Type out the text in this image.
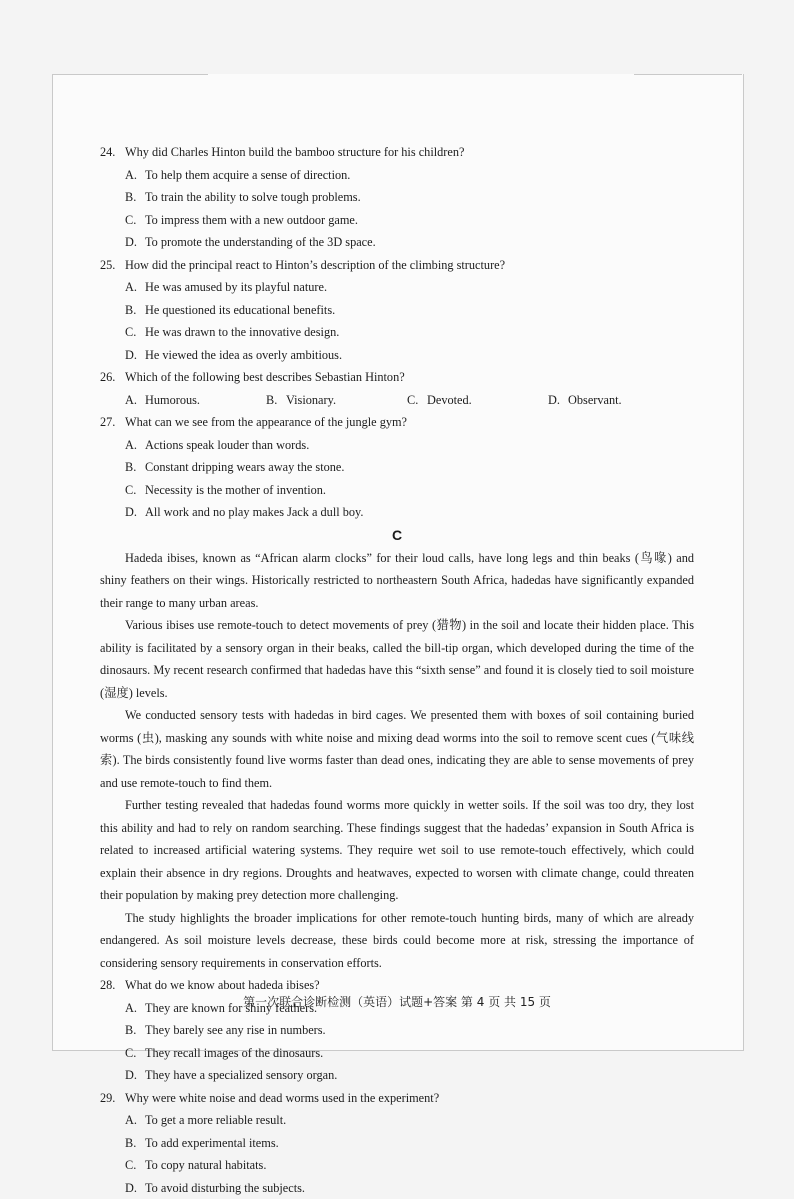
24. Why did Charles Hinton build the bamboo structure for his children?
A. To help them acquire a sense of direction.
B. To train the ability to solve tough problems.
C. To impress them with a new outdoor game.
D. To promote the understanding of the 3D space.
25. How did the principal react to Hinton’s description of the climbing structure?
A. He was amused by its playful nature.
B. He questioned its educational benefits.
C. He was drawn to the innovative design.
D. He viewed the idea as overly ambitious.
26. Which of the following best describes Sebastian Hinton?
A. Humorous.	B. Visionary.	C. Devoted.	D. Observant.
27. What can we see from the appearance of the jungle gym?
A. Actions speak louder than words.
B. Constant dripping wears away the stone.
C. Necessity is the mother of invention.
D. All work and no play makes Jack a dull boy.
C
Hadeda ibises, known as “African alarm clocks” for their loud calls, have long legs and thin beaks (鸟喙) and shiny feathers on their wings. Historically restricted to northeastern South Africa, hadedas have significantly expanded their range to many urban areas.
Various ibises use remote-touch to detect movements of prey (猎物) in the soil and locate their hidden place. This ability is facilitated by a sensory organ in their beaks, called the bill-tip organ, which developed during the time of the dinosaurs. My recent research confirmed that hadedas have this “sixth sense” and found it is closely tied to soil moisture (湿度) levels.
We conducted sensory tests with hadedas in bird cages. We presented them with boxes of soil containing buried worms (虫), masking any sounds with white noise and mixing dead worms into the soil to remove scent cues (气味线索). The birds consistently found live worms faster than dead ones, indicating they are able to sense movements of prey and use remote-touch to find them.
Further testing revealed that hadedas found worms more quickly in wetter soils. If the soil was too dry, they lost this ability and had to rely on random searching. These findings suggest that the hadedas’ expansion in South Africa is related to increased artificial watering systems. They require wet soil to use remote-touch effectively, which could explain their absence in dry regions. Droughts and heatwaves, expected to worsen with climate change, could threaten their population by making prey detection more challenging.
The study highlights the broader implications for other remote-touch hunting birds, many of which are already endangered. As soil moisture levels decrease, these birds could become more at risk, stressing the importance of considering sensory requirements in conservation efforts.
28. What do we know about hadeda ibises?
A. They are known for shiny feathers.
B. They barely see any rise in numbers.
C. They recall images of the dinosaurs.
D. They have a specialized sensory organ.
29. Why were white noise and dead worms used in the experiment?
A. To get a more reliable result.
B. To add experimental items.
C. To copy natural habitats.
D. To avoid disturbing the subjects.
第一次联合诊断检测（英语）试题+答案 第 4 页 共 15 页
